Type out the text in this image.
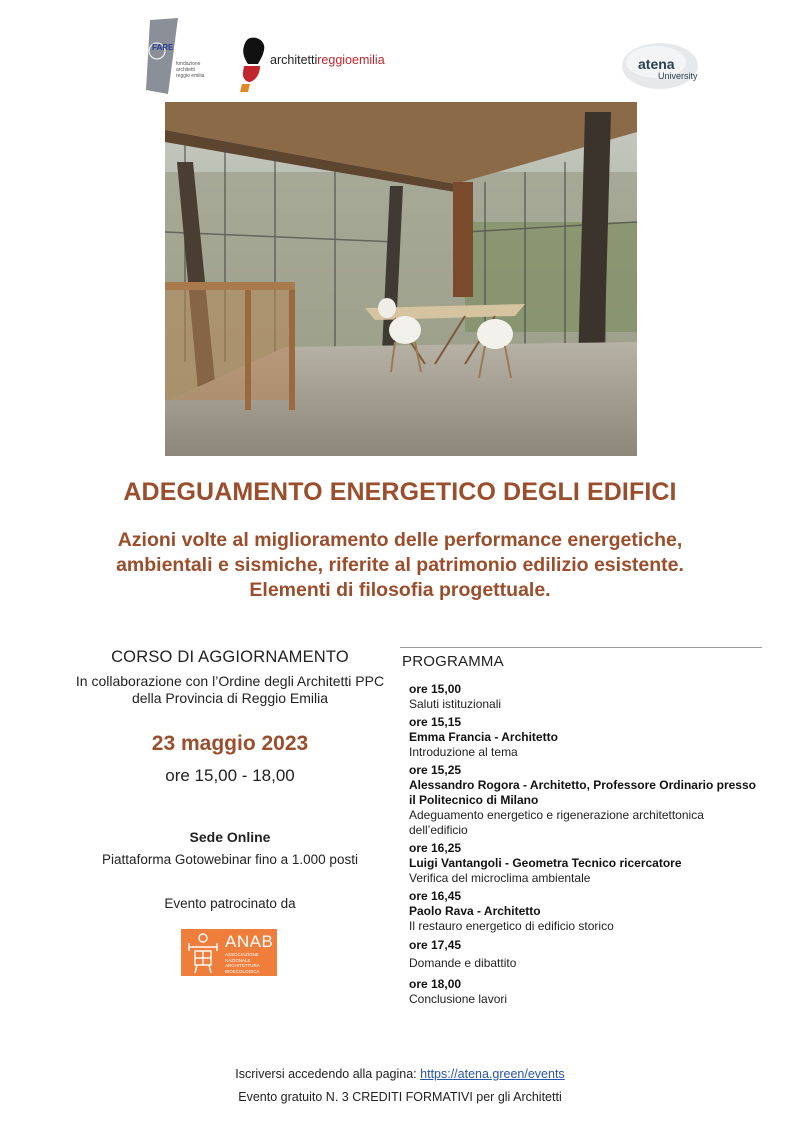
FARE
fondazione
architetti
reggio emilia
architettireggioemilia	atena
University
ADEGUAMENTO ENERGETICO DEGLI EDIFICI
Azioni volte al miglioramento delle performance energetiche,
ambientali e sismiche, riferite al patrimonio edilizio esistente.
Elementi di filosofia progettuale.
CORSO DI AGGIORNAMENTO
In collaborazione con l’Ordine degli Architetti PPC
della Provincia di Reggio Emilia
23 maggio 2023
ore 15,00 - 18,00
Sede Online
Piattaforma Gotowebinar fino a 1.000 posti
Evento patrocinato da
ANAB
ASSOCIAZIONE
NAZIONALE
ARCHITETTURA
BIOECOLOGICA
PROGRAMMA
ore 15,00
Saluti istituzionali
ore 15,15
Emma Francia - Architetto
Introduzione al tema
ore 15,25
Alessandro Rogora - Architetto, Professore Ordinario presso il Politecnico di Milano
Adeguamento energetico e rigenerazione architettonica dell’edificio
ore 16,25
Luigi Vantangoli - Geometra Tecnico ricercatore
Verifica del microclima ambientale
ore 16,45
Paolo Rava - Architetto
Il restauro energetico di edificio storico
ore 17,45
Domande e dibattito
ore 18,00
Conclusione lavori
Iscriversi accedendo alla pagina: https://atena.green/events
Evento gratuito N. 3 CREDITI FORMATIVI per gli Architetti
